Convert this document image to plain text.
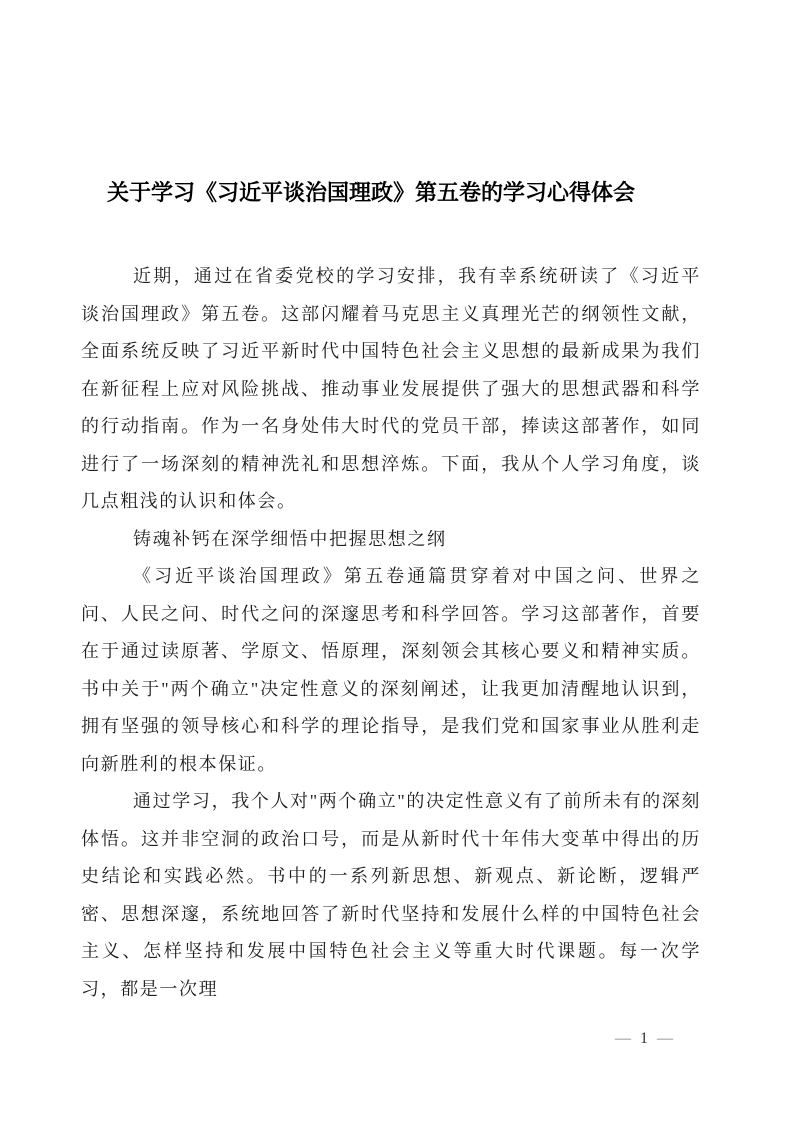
关于学习《习近平谈治国理政》第五卷的学习心得体会

近期，通过在省委党校的学习安排，我有幸系统研读了《习近平谈治国理政》第五卷。这部闪耀着马克思主义真理光芒的纲领性文献，全面系统反映了习近平新时代中国特色社会主义思想的最新成果为我们在新征程上应对风险挑战、推动事业发展提供了强大的思想武器和科学的行动指南。作为一名身处伟大时代的党员干部，捧读这部著作，如同进行了一场深刻的精神洗礼和思想淬炼。下面，我从个人学习角度，谈几点粗浅的认识和体会。

铸魂补钙在深学细悟中把握思想之纲

《习近平谈治国理政》第五卷通篇贯穿着对中国之问、世界之问、人民之问、时代之问的深邃思考和科学回答。学习这部著作，首要在于通过读原著、学原文、悟原理，深刻领会其核心要义和精神实质。书中关于"两个确立"决定性意义的深刻阐述，让我更加清醒地认识到，拥有坚强的领导核心和科学的理论指导，是我们党和国家事业从胜利走向新胜利的根本保证。

通过学习，我个人对"两个确立"的决定性意义有了前所未有的深刻体悟。这并非空洞的政治口号，而是从新时代十年伟大变革中得出的历史结论和实践必然。书中的一系列新思想、新观点、新论断，逻辑严密、思想深邃，系统地回答了新时代坚持和发展什么样的中国特色社会主义、怎样坚持和发展中国特色社会主义等重大时代课题。每一次学习，都是一次理

— 1 —
